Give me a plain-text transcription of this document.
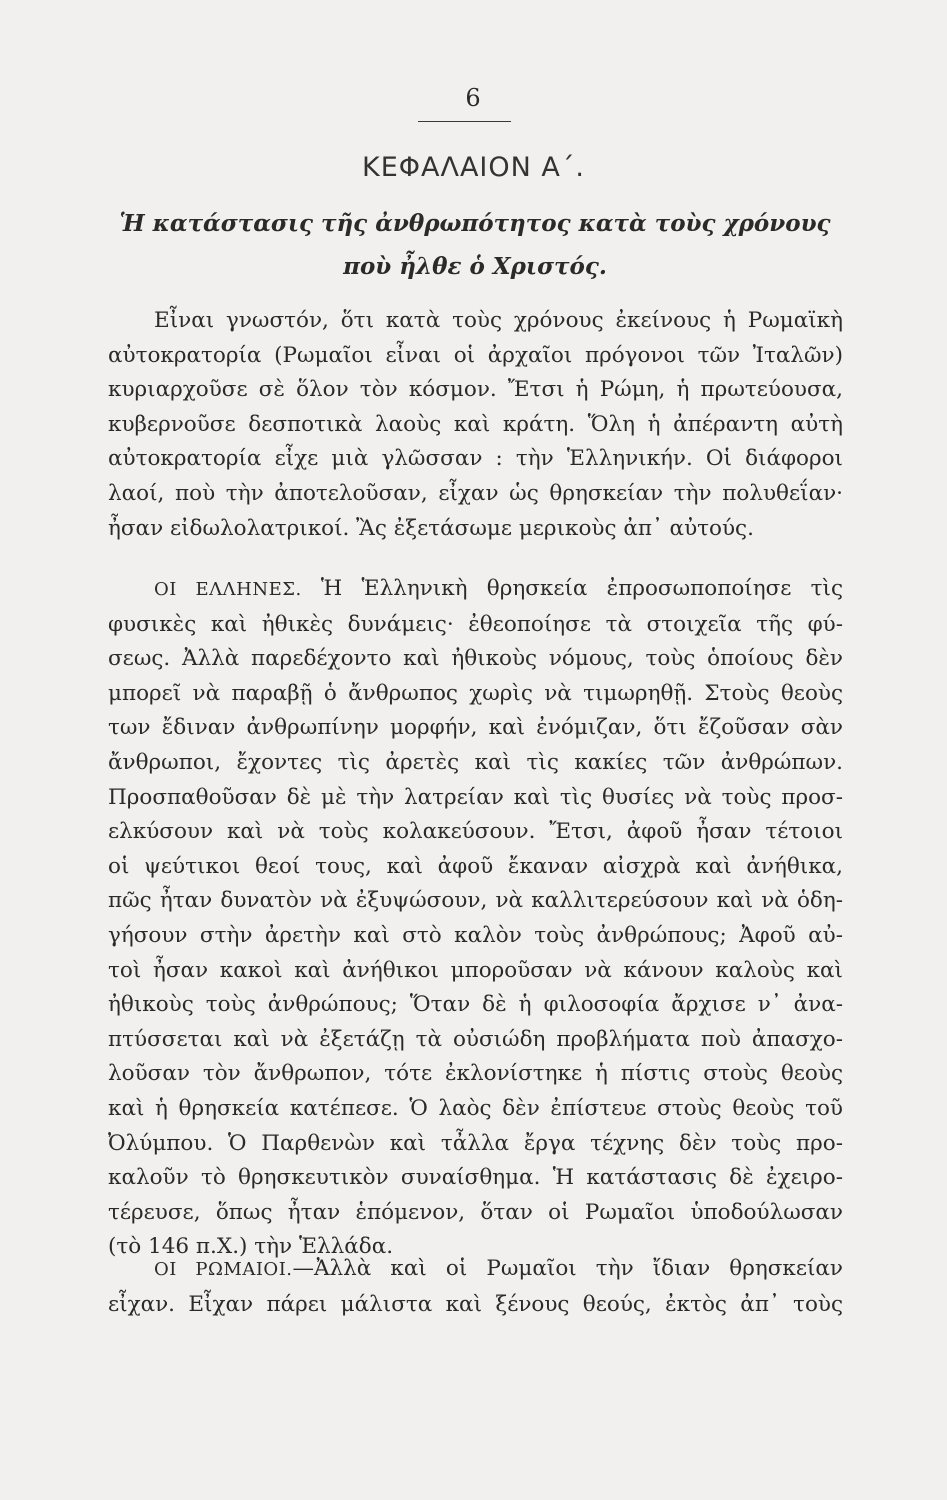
6
ΚΕΦΑΛΑΙΟΝ Α΄.
Ἡ κατάστασις τῆς ἀνθρωπότητος κατὰ τοὺς χρόνους
ποὺ ἦλθε ὁ Χριστός.
Εἶναι γνωστόν, ὅτι κατὰ τοὺς χρόνους ἐκείνους ἡ Ρωμαϊκὴ
αὐτοκρατορία (Ρωμαῖοι εἶναι οἱ ἀρχαῖοι πρόγονοι τῶν Ἰταλῶν)
κυριαρχοῦσε σὲ ὅλον τὸν κόσμον. Ἔτσι ἡ Ρώμη, ἡ πρωτεύουσα,
κυβερνοῦσε δεσποτικὰ λαοὺς καὶ κράτη. Ὅλη ἡ ἀπέραντη αὐτὴ
αὐτοκρατορία εἶχε μιὰ γλῶσσαν : τὴν Ἑλληνικήν. Οἱ διάφοροι
λαοί, ποὺ τὴν ἀποτελοῦσαν, εἶχαν ὡς θρησκείαν τὴν πολυθεΐαν·
ἦσαν εἰδωλολατρικοί. Ἂς ἐξετάσωμε μερικοὺς ἀπ᾿ αὐτούς.
ΟΙ ΕΛΛΗΝΕΣ. Ἡ Ἑλληνικὴ θρησκεία ἐπροσωποποίησε τὶς
φυσικὲς καὶ ἠθικὲς δυνάμεις· ἐθεοποίησε τὰ στοιχεῖα τῆς φύ-
σεως. Ἀλλὰ παρεδέχοντο καὶ ἠθικοὺς νόμους, τοὺς ὁποίους δὲν
μπορεῖ νὰ παραβῇ ὁ ἄνθρωπος χωρὶς νὰ τιμωρηθῇ. Στοὺς θεοὺς
των ἔδιναν ἀνθρωπίνην μορφήν, καὶ ἐνόμιζαν, ὅτι ἔζοῦσαν σὰν
ἄνθρωποι, ἔχοντες τὶς ἀρετὲς καὶ τὶς κακίες τῶν ἀνθρώπων.
Προσπαθοῦσαν δὲ μὲ τὴν λατρείαν καὶ τὶς θυσίες νὰ τοὺς προσ-
ελκύσουν καὶ νὰ τοὺς κολακεύσουν. Ἔτσι, ἀφοῦ ἦσαν τέτοιοι
οἱ ψεύτικοι θεοί τους, καὶ ἀφοῦ ἔκαναν αἰσχρὰ καὶ ἀνήθικα,
πῶς ἦταν δυνατὸν νὰ ἐξυψώσουν, νὰ καλλιτερεύσουν καὶ νὰ ὁδη-
γήσουν στὴν ἀρετὴν καὶ στὸ καλὸν τοὺς ἀνθρώπους; Ἀφοῦ αὐ-
τοὶ ἦσαν κακοὶ καὶ ἀνήθικοι μποροῦσαν νὰ κάνουν καλοὺς καὶ
ἠθικοὺς τοὺς ἀνθρώπους; Ὅταν δὲ ἡ φιλοσοφία ἄρχισε ν᾿ ἀνα-
πτύσσεται καὶ νὰ ἐξετάζῃ τὰ οὐσιώδη προβλήματα ποὺ ἀπασχο-
λοῦσαν τὸν ἄνθρωπον, τότε ἐκλονίστηκε ἡ πίστις στοὺς θεοὺς
καὶ ἡ θρησκεία κατέπεσε. Ὁ λαὸς δὲν ἐπίστευε στοὺς θεοὺς τοῦ
Ὀλύμπου. Ὁ Παρθενὼν καὶ τἆλλα ἔργα τέχνης δὲν τοὺς προ-
καλοῦν τὸ θρησκευτικὸν συναίσθημα. Ἡ κατάστασις δὲ ἐχειρο-
τέρευσε, ὅπως ἦταν ἑπόμενον, ὅταν οἱ Ρωμαῖοι ὑποδούλωσαν
(τὸ 146 π.Χ.) τὴν Ἑλλάδα.
ΟΙ ΡΩΜΑΙΟΙ.—Ἀλλὰ καὶ οἱ Ρωμαῖοι τὴν ἴδιαν θρησκείαν
εἶχαν. Εἶχαν πάρει μάλιστα καὶ ξένους θεούς, ἐκτὸς ἀπ᾿ τοὺς
